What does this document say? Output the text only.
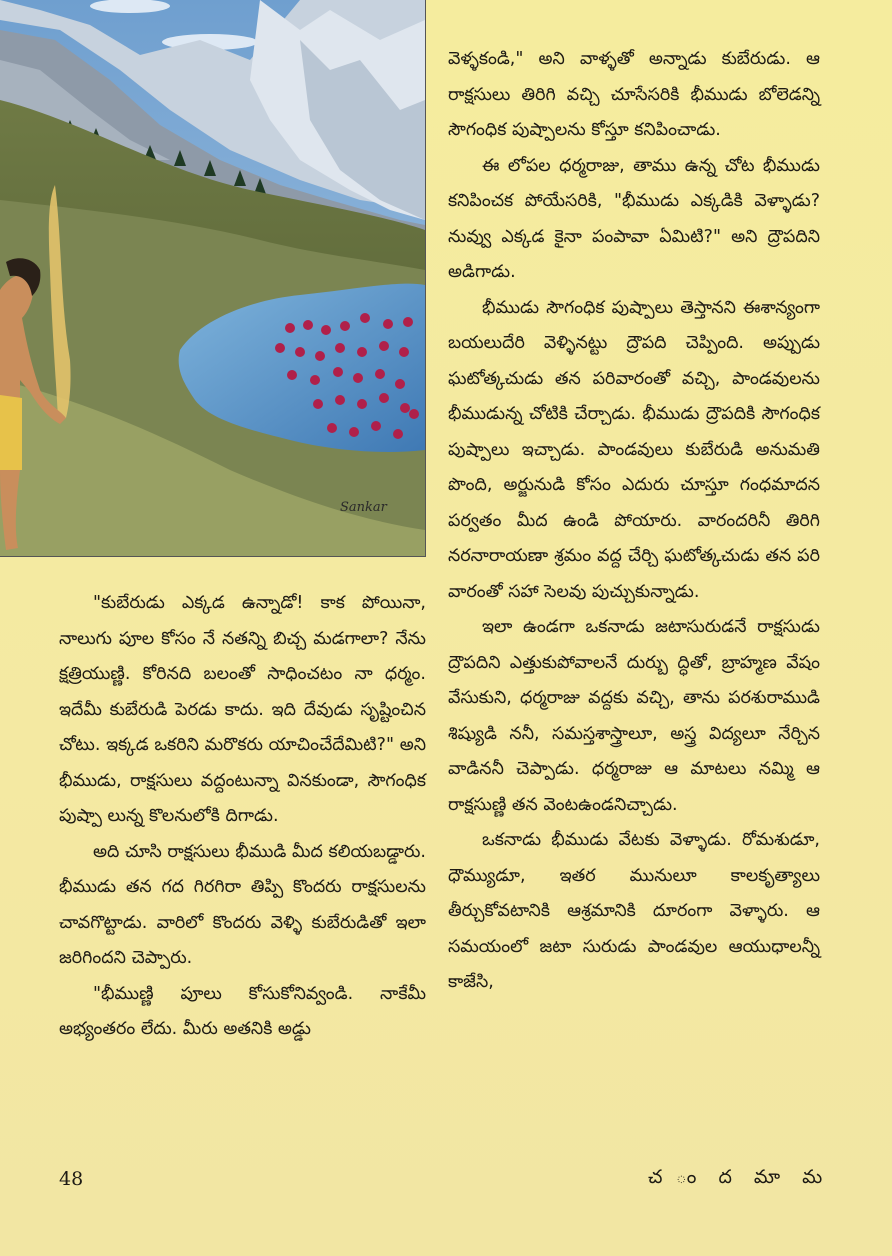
Sankar

వెళ్ళకండి," అని వాళ్ళతో అన్నాడు కుబేరుడు. ఆ రాక్షసులు తిరిగి వచ్చి చూసేసరికి భీముడు బోలెడన్ని సౌగంధిక పుష్పాలను కోస్తూ కనిపించాడు.

ఈ లోపల ధర్మరాజు, తాము ఉన్న చోట భీముడు కనిపించక పోయేసరికి, "భీముడు ఎక్కడికి వెళ్ళాడు? నువ్వు ఎక్కడ కైనా పంపావా ఏమిటి?" అని ద్రౌపదిని అడిగాడు.

భీముడు సౌగంధిక పుష్పాలు తెస్తానని ఈశాన్యంగా బయలుదేరి వెళ్ళినట్టు ద్రౌపది చెప్పింది. అప్పుడు ఘటోత్కచుడు తన పరివారంతో వచ్చి, పాండవులను భీముడున్న చోటికి చేర్చాడు. భీముడు ద్రౌపదికి సౌగంధిక పుష్పాలు ఇచ్చాడు. పాండవులు కుబేరుడి అనుమతి పొంది, అర్జునుడి కోసం ఎదురు చూస్తూ గంధమాదన పర్వతం మీద ఉండి పోయారు. వారందరినీ తిరిగి నరనారాయణా శ్రమం వద్ద చేర్చి ఘటోత్కచుడు తన పరి వారంతో సహా సెలవు పుచ్చుకున్నాడు.

ఇలా ఉండగా ఒకనాడు జటాసురుడనే రాక్షసుడు ద్రౌపదిని ఎత్తుకుపోవాలనే దుర్బు ద్ధితో, బ్రాహ్మణ వేషం వేసుకుని, ధర్మరాజు వద్దకు వచ్చి, తాను పరశురాముడి శిష్యుడి ననీ, సమస్తశాస్త్రాలూ, అస్త్ర విద్యలూ నేర్చిన వాడిననీ చెప్పాడు. ధర్మరాజు ఆ మాటలు నమ్మి ఆ రాక్షసుణ్ణి తన వెంటఉండనిచ్చాడు.

ఒకనాడు భీముడు వేటకు వెళ్ళాడు. రోమశుడూ, ధౌమ్యుడూ, ఇతర మునులూ కాలకృత్యాలు తీర్చుకోవటానికి ఆశ్రమానికి దూరంగా వెళ్ళారు. ఆ సమయంలో జటా సురుడు పాండవుల ఆయుధాలన్నీ కాజేసి,

"కుబేరుడు ఎక్కడ ఉన్నాడో! కాక పోయినా, నాలుగు పూల కోసం నే నతన్ని బిచ్చ మడగాలా? నేను క్షత్రియుణ్ణి. కోరినది బలంతో సాధించటం నా ధర్మం. ఇదేమీ కుబేరుడి పెరడు కాదు. ఇది దేవుడు సృష్టించిన చోటు. ఇక్కడ ఒకరిని మరొకరు యాచించేదేమిటి?" అని భీముడు, రాక్షసులు వద్దంటున్నా వినకుండా, సౌగంధిక పుష్పా లున్న కొలనులోకి దిగాడు.

అది చూసి రాక్షసులు భీముడి మీద కలియబడ్డారు. భీముడు తన గద గిరగిరా తిప్పి కొందరు రాక్షసులను చావగొట్టాడు. వారిలో కొందరు వెళ్ళి కుబేరుడితో ఇలా జరిగిందని చెప్పారు.

"భీముణ్ణి పూలు కోసుకోనివ్వండి. నాకేమీ అభ్యంతరం లేదు. మీరు అతనికి అడ్డు

48	చ ం ద మా మ
